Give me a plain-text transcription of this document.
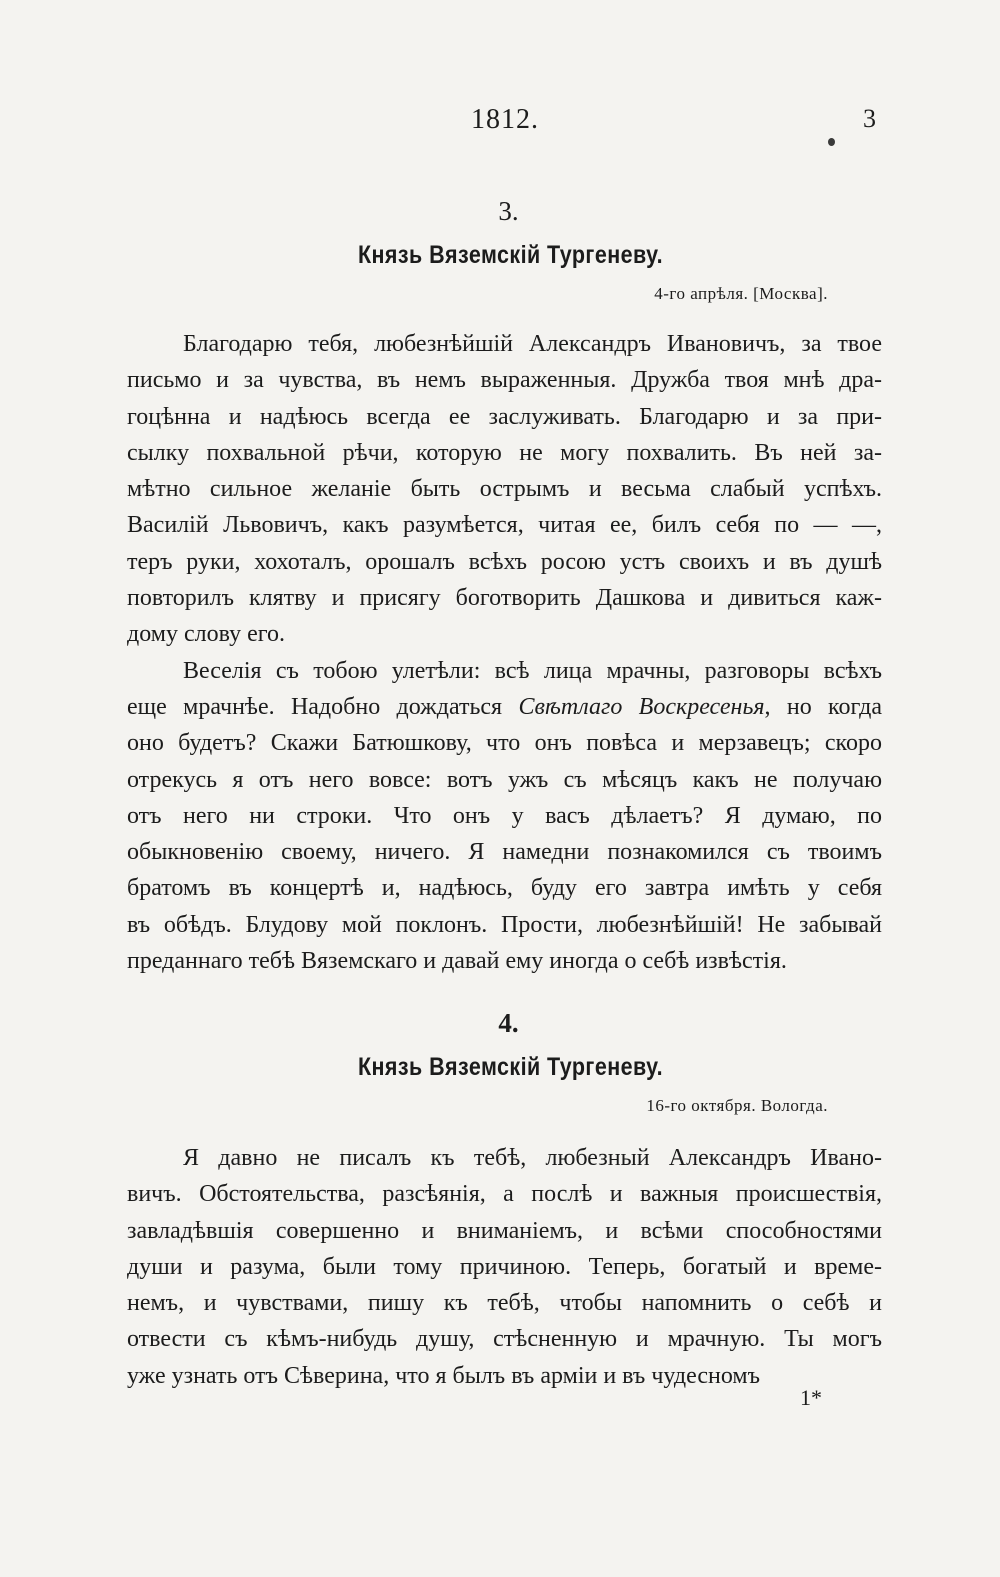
1812.	3
3.
Князь Вяземскій Тургеневу.
4-го апрѣля. [Москва].
Благодарю тебя, любезнѣйшій Александръ Ивановичъ, за твое
письмо и за чувства, въ немъ выраженныя. Дружба твоя мнѣ дра-
гоцѣнна и надѣюсь всегда ее заслуживать. Благодарю и за при-
сылку похвальной рѣчи, которую не могу похвалить. Въ ней за-
мѣтно сильное желаніе быть острымъ и весьма слабый успѣхъ.
Василій Львовичъ, какъ разумѣется, читая ее, билъ себя по — —,
теръ руки, хохоталъ, орошалъ всѣхъ росою устъ своихъ и въ душѣ
повторилъ клятву и присягу боготворить Дашкова и дивиться каж-
дому слову его.
Веселія съ тобою улетѣли: всѣ лица мрачны, разговоры всѣхъ
еще мрачнѣе. Надобно дождаться Свѣтлаго Воскресенья, но когда
оно будетъ? Скажи Батюшкову, что онъ повѣса и мерзавецъ; скоро
отрекусь я отъ него вовсе: вотъ ужъ съ мѣсяцъ какъ не получаю
отъ него ни строки. Что онъ у васъ дѣлаетъ? Я думаю, по
обыкновенію своему, ничего. Я намедни познакомился съ твоимъ
братомъ въ концертѣ и, надѣюсь, буду его завтра имѣть у себя
въ обѣдъ. Блудову мой поклонъ. Прости, любезнѣйшій! Не забывай
преданнаго тебѣ Вяземскаго и давай ему иногда о себѣ извѣстія.
4.
Князь Вяземскій Тургеневу.
16-го октября. Вологда.
Я давно не писалъ къ тебѣ, любезный Александръ Ивано-
вичъ. Обстоятельства, разсѣянія, а послѣ и важныя происшествія,
завладѣвшія совершенно и вниманіемъ, и всѣми способностями
души и разума, были тому причиною. Теперь, богатый и време-
немъ, и чувствами, пишу къ тебѣ, чтобы напомнить о себѣ и
отвести съ кѣмъ-нибудь душу, стѣсненную и мрачную. Ты могъ
уже узнать отъ Сѣверина, что я былъ въ арміи и въ чудесномъ
1*
